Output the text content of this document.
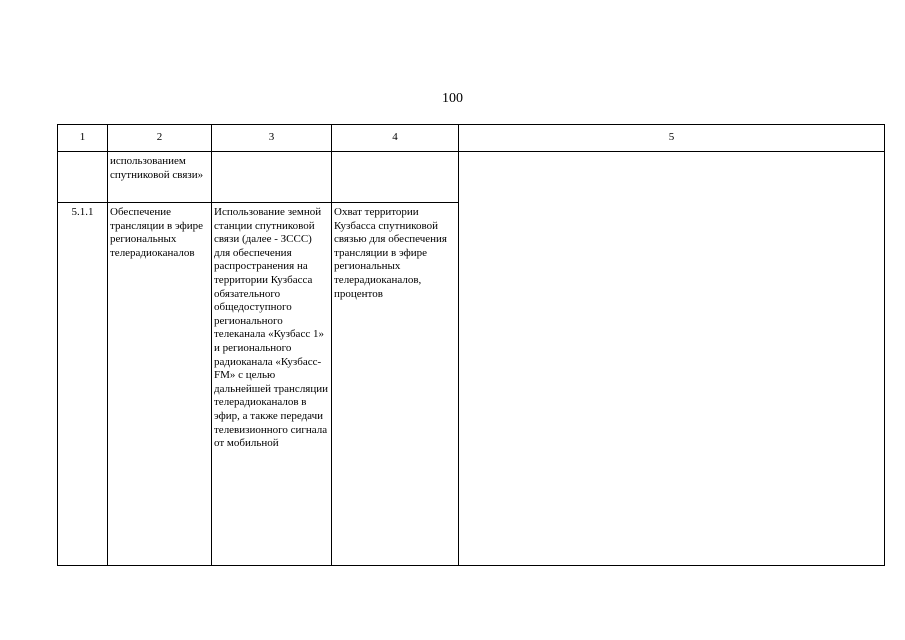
100
1	2	3	4	5
	использованием спутниковой связи»			
5.1.1	Обеспечение трансляции в эфире региональных телерадиоканалов	Использование земной станции спутниковой связи (далее - ЗССС) для обеспечения распространения на территории Кузбасса обязательного общедоступного регионального телеканала «Кузбасс 1» и регионального радиоканала «Кузбасс-FM» с целью дальнейшей трансляции телерадиоканалов в эфир, а также передачи телевизионного сигнала от мобильной	Охват территории Кузбасса спутниковой связью для обеспечения трансляции в эфире региональных телерадиоканалов, процентов	
